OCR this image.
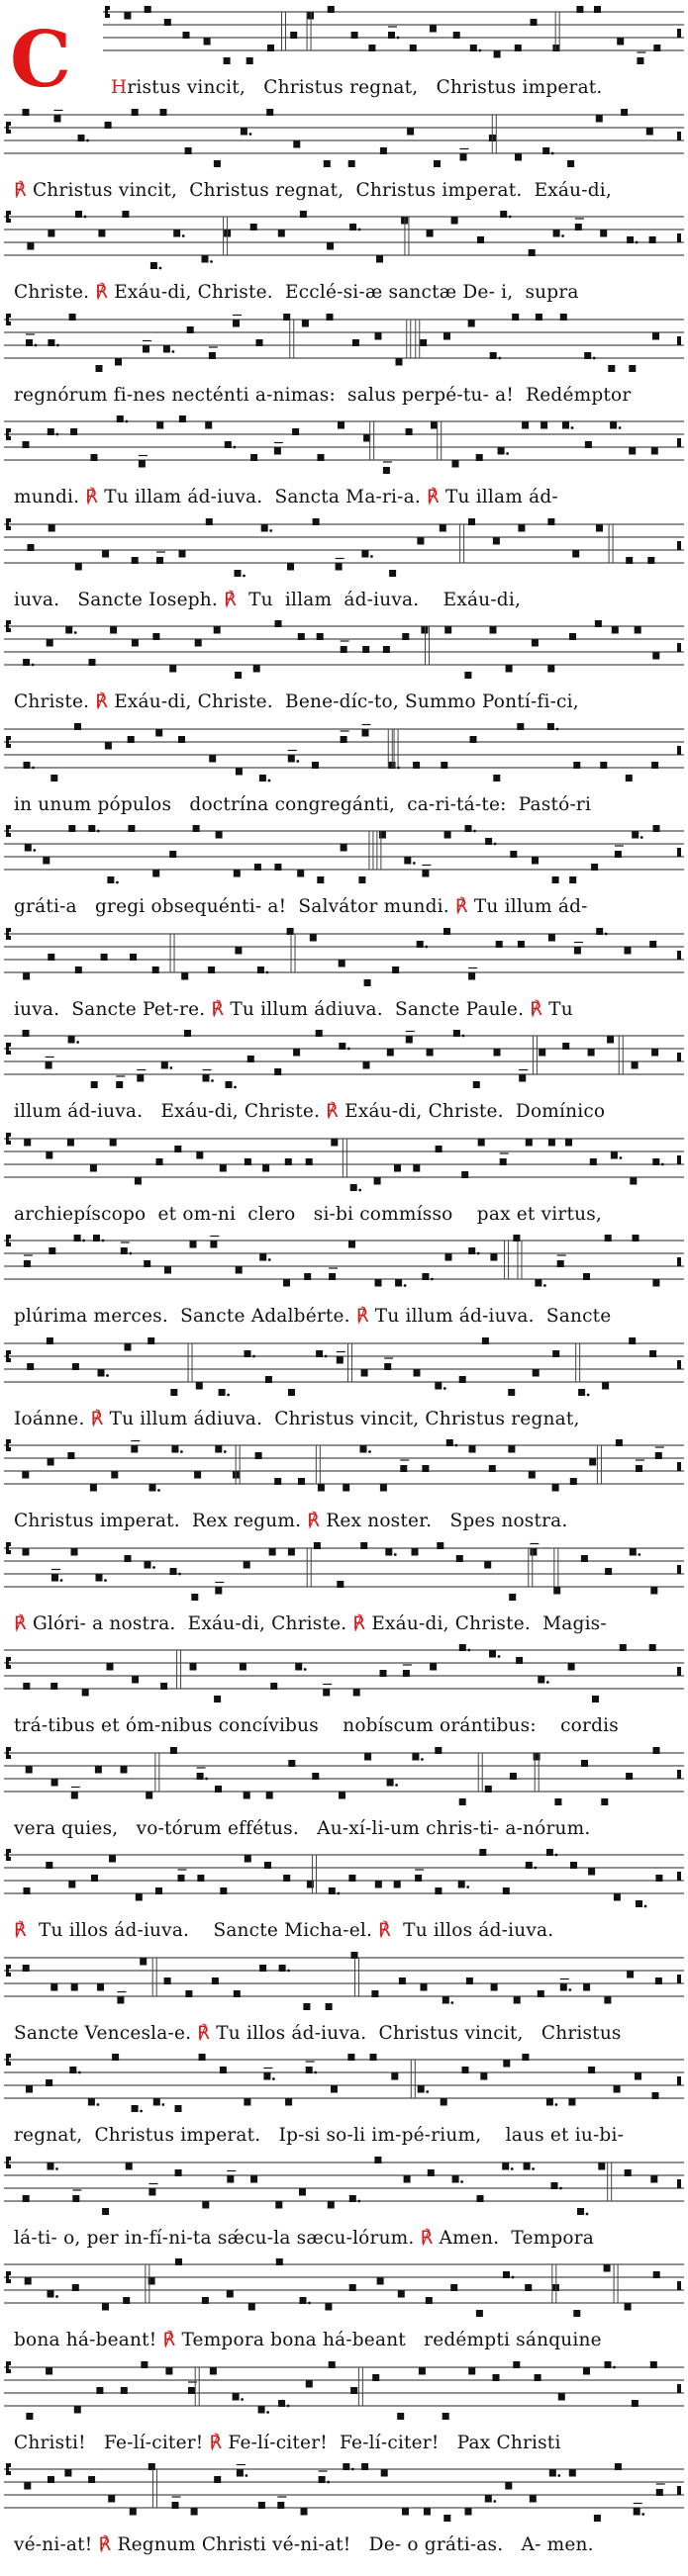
C H ristus vincit,   Christus regnat,   Christus imperat.
℟ Christus vincit,  Christus regnat,  Christus imperat.  Exáu-di,
Christe. ℟ Exáu-di, Christe.  Ecclé-si-æ sanctæ De- i,  supra
regnórum fi-nes necténti a-nimas:  salus perpé-tu- a!  Redémptor
mundi. ℟ Tu illam ád-iuva.  Sancta Ma-ri-a. ℟ Tu illam ád-
iuva.   Sancte Ioseph. ℟ Tu  illam  ád-iuva.    Exáu-di,
Christe. ℟ Exáu-di, Christe.  Bene-díc-to, Summo Pontí-fi-ci,
in unum pópulos   doctrína congregánti,  ca-ri-tá-te:  Pastó-ri
gráti-a   gregi obsequénti- a!  Salvátor mundi. ℟ Tu illum ád-
iuva.  Sancte Pet-re. ℟ Tu illum ádiuva.  Sancte Paule. ℟ Tu
illum ád-iuva.   Exáu-di, Christe. ℟ Exáu-di, Christe.  Domínico
archiepíscopo  et om-ni  clero   si-bi commísso    pax et virtus,
plúrima merces.  Sancte Adalbérte. ℟ Tu illum ád-iuva.  Sancte
Ioánne. ℟ Tu illum ádiuva.  Christus vincit, Christus regnat,
Christus imperat.  Rex regum. ℟ Rex noster.   Spes nostra.
℟ Glóri- a nostra.  Exáu-di, Christe. ℟ Exáu-di, Christe.  Magis-
trá-tibus et óm-nibus concívibus    nobíscum orántibus:    cordis
vera quies,   vo-tórum effétus.   Au-xí-li-um chris-ti- a-nórum.
℟ Tu illos ád-iuva.    Sancte Micha-el. ℟ Tu illos ád-iuva.
Sancte Vencesla-e. ℟ Tu illos ád-iuva.  Christus vincit,   Christus
regnat,  Christus imperat.   Ip-si so-li im-pé-rium,    laus et iu-bi-
lá-ti- o, per in-fí-ni-ta sǽcu-la sæcu-lórum. ℟ Amen.  Tempora
bona há-beant! ℟ Tempora bona há-beant   redémpti sánquine
Christi!   Fe-lí-citer! ℟ Fe-lí-citer!  Fe-lí-citer!   Pax Christi
vé-ni-at! ℟ Regnum Christi vé-ni-at!   De- o gráti-as.   A- men.
